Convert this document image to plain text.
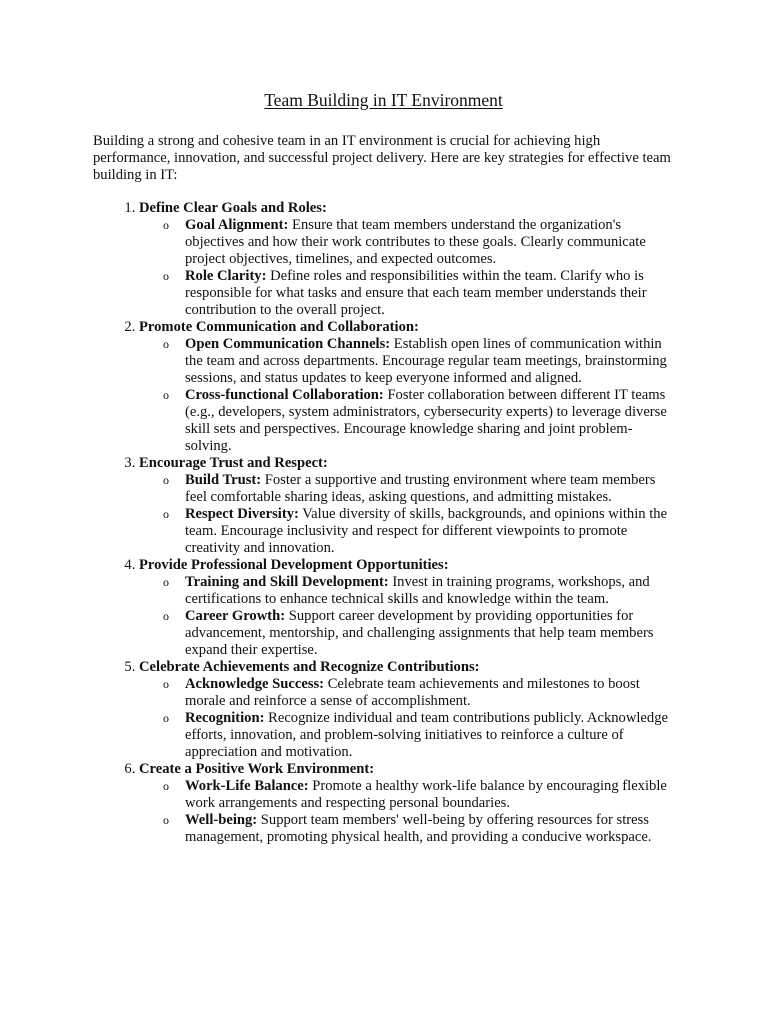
Team Building in IT Environment

Building a strong and cohesive team in an IT environment is crucial for achieving high performance, innovation, and successful project delivery. Here are key strategies for effective team building in IT:

1. Define Clear Goals and Roles:
o Goal Alignment: Ensure that team members understand the organization's objectives and how their work contributes to these goals. Clearly communicate project objectives, timelines, and expected outcomes.
o Role Clarity: Define roles and responsibilities within the team. Clarify who is responsible for what tasks and ensure that each team member understands their contribution to the overall project.
2. Promote Communication and Collaboration:
o Open Communication Channels: Establish open lines of communication within the team and across departments. Encourage regular team meetings, brainstorming sessions, and status updates to keep everyone informed and aligned.
o Cross-functional Collaboration: Foster collaboration between different IT teams (e.g., developers, system administrators, cybersecurity experts) to leverage diverse skill sets and perspectives. Encourage knowledge sharing and joint problem-solving.
3. Encourage Trust and Respect:
o Build Trust: Foster a supportive and trusting environment where team members feel comfortable sharing ideas, asking questions, and admitting mistakes.
o Respect Diversity: Value diversity of skills, backgrounds, and opinions within the team. Encourage inclusivity and respect for different viewpoints to promote creativity and innovation.
4. Provide Professional Development Opportunities:
o Training and Skill Development: Invest in training programs, workshops, and certifications to enhance technical skills and knowledge within the team.
o Career Growth: Support career development by providing opportunities for advancement, mentorship, and challenging assignments that help team members expand their expertise.
5. Celebrate Achievements and Recognize Contributions:
o Acknowledge Success: Celebrate team achievements and milestones to boost morale and reinforce a sense of accomplishment.
o Recognition: Recognize individual and team contributions publicly. Acknowledge efforts, innovation, and problem-solving initiatives to reinforce a culture of appreciation and motivation.
6. Create a Positive Work Environment:
o Work-Life Balance: Promote a healthy work-life balance by encouraging flexible work arrangements and respecting personal boundaries.
o Well-being: Support team members' well-being by offering resources for stress management, promoting physical health, and providing a conducive workspace.
